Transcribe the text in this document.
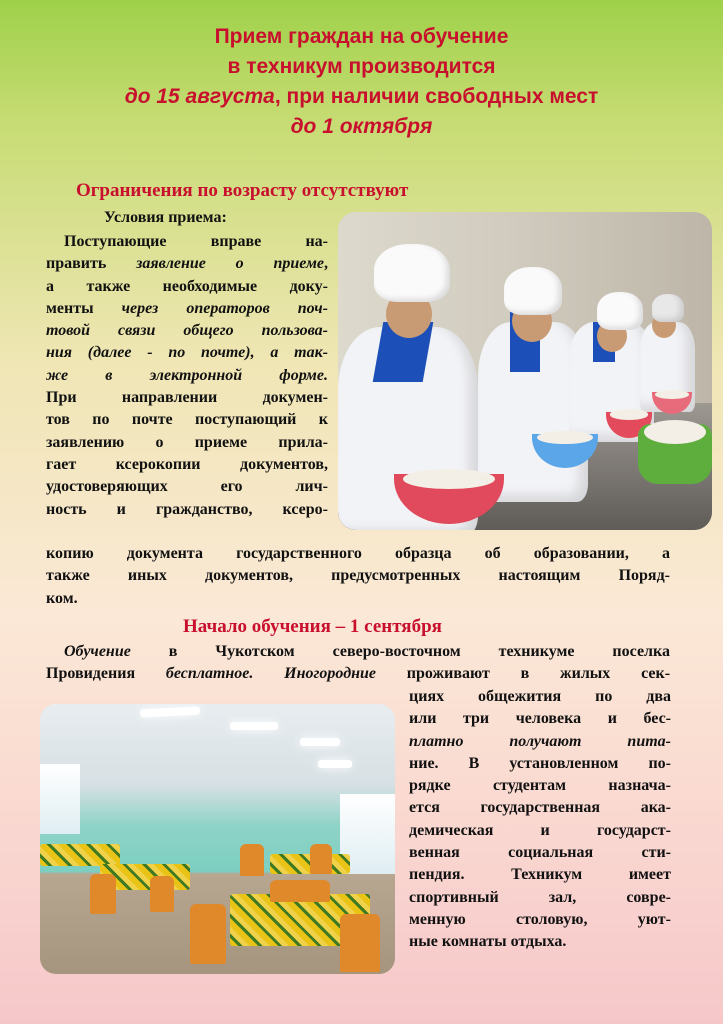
Прием граждан на обучение
в техникум производится
до 15 августа, при наличии свободных мест
до 1 октября
Ограничения по возрасту отсутствуют
Условия приема:
Поступающие вправе на-
править заявление о приеме,
а также необходимые доку-
менты через операторов поч-
товой связи общего пользова-
ния (далее - по почте), а так-
же в электронной форме.
При направлении докумен-
тов по почте поступающий к
заявлению о приеме прила-
гает ксерокопии документов,
удостоверяющих его лич-
ность и гражданство, ксеро-
копию документа государственного образца об образовании, а
также иных документов, предусмотренных настоящим Поряд-
ком.
Начало обучения – 1 сентября
Обучение в Чукотском северо-восточном техникуме поселка
Провидения бесплатное. Иногородние проживают в жилых сек-
циях общежития по два
или три человека и бес-
платно получают пита-
ние. В установленном по-
рядке студентам назнача-
ется государственная ака-
демическая и государст-
венная социальная сти-
пендия. Техникум имеет
спортивный зал, совре-
менную столовую, уют-
ные комнаты отдыха.
